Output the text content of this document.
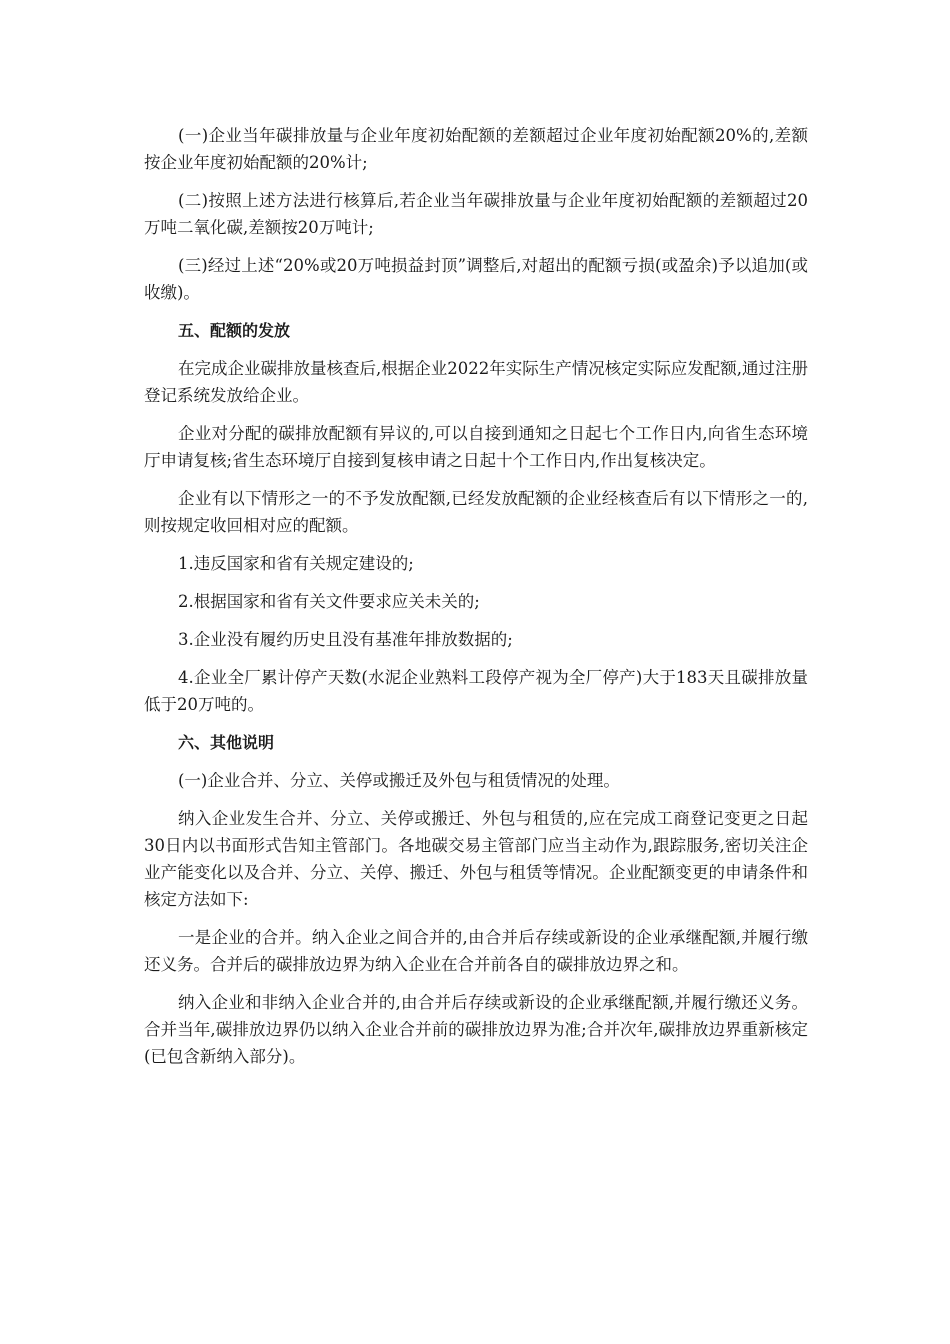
(一)企业当年碳排放量与企业年度初始配额的差额超过企业年度初始配额20%的,差额按企业年度初始配额的20%计;

(二)按照上述方法进行核算后,若企业当年碳排放量与企业年度初始配额的差额超过20万吨二氧化碳,差额按20万吨计;

(三)经过上述“20%或20万吨损益封顶”调整后,对超出的配额亏损(或盈余)予以追加(或收缴)。

五、配额的发放

在完成企业碳排放量核查后,根据企业2022年实际生产情况核定实际应发配额,通过注册登记系统发放给企业。

企业对分配的碳排放配额有异议的,可以自接到通知之日起七个工作日内,向省生态环境厅申请复核;省生态环境厅自接到复核申请之日起十个工作日内,作出复核决定。

企业有以下情形之一的不予发放配额,已经发放配额的企业经核查后有以下情形之一的,则按规定收回相对应的配额。

1.违反国家和省有关规定建设的;

2.根据国家和省有关文件要求应关未关的;

3.企业没有履约历史且没有基准年排放数据的;

4.企业全厂累计停产天数(水泥企业熟料工段停产视为全厂停产)大于183天且碳排放量低于20万吨的。

六、其他说明

(一)企业合并、分立、关停或搬迁及外包与租赁情况的处理。

纳入企业发生合并、分立、关停或搬迁、外包与租赁的,应在完成工商登记变更之日起30日内以书面形式告知主管部门。各地碳交易主管部门应当主动作为,跟踪服务,密切关注企业产能变化以及合并、分立、关停、搬迁、外包与租赁等情况。企业配额变更的申请条件和核定方法如下:

一是企业的合并。纳入企业之间合并的,由合并后存续或新设的企业承继配额,并履行缴还义务。合并后的碳排放边界为纳入企业在合并前各自的碳排放边界之和。

纳入企业和非纳入企业合并的,由合并后存续或新设的企业承继配额,并履行缴还义务。合并当年,碳排放边界仍以纳入企业合并前的碳排放边界为准;合并次年,碳排放边界重新核定(已包含新纳入部分)。
